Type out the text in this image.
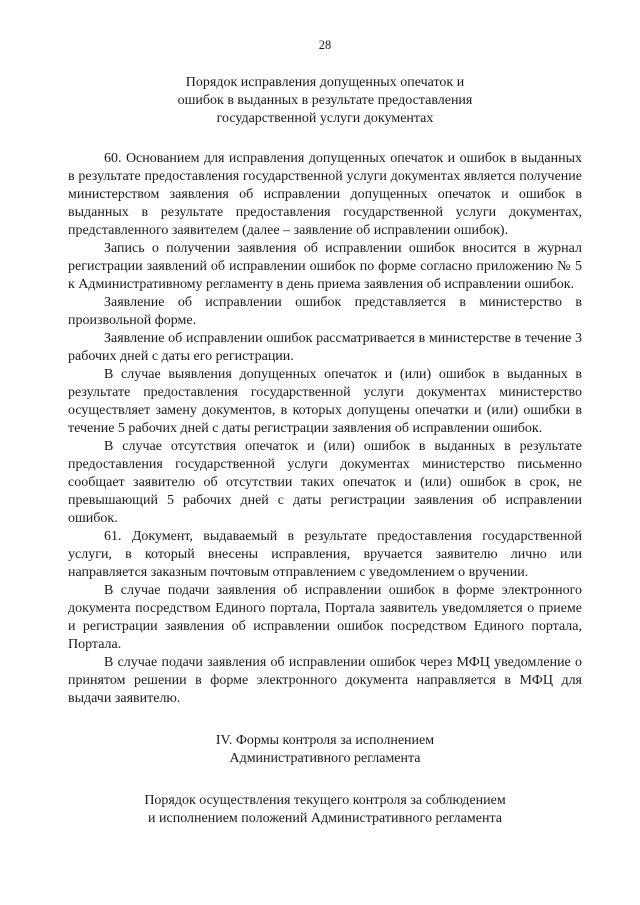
28
Порядок исправления допущенных опечаток и
ошибок в выданных в результате предоставления
государственной услуги документах

60. Основанием для исправления допущенных опечаток и ошибок в выданных в результате предоставления государственной услуги документах является получение министерством заявления об исправлении допущенных опечаток и ошибок в выданных в результате предоставления государственной услуги документах, представленного заявителем (далее – заявление об исправлении ошибок).

Запись о получении заявления об исправлении ошибок вносится в журнал регистрации заявлений об исправлении ошибок по форме согласно приложению № 5 к Административному регламенту в день приема заявления об исправлении ошибок.

Заявление об исправлении ошибок представляется в министерство в произвольной форме.

Заявление об исправлении ошибок рассматривается в министерстве в течение 3 рабочих дней с даты его регистрации.

В случае выявления допущенных опечаток и (или) ошибок в выданных в результате предоставления государственной услуги документах министерство осуществляет замену документов, в которых допущены опечатки и (или) ошибки в течение 5 рабочих дней с даты регистрации заявления об исправлении ошибок.

В случае отсутствия опечаток и (или) ошибок в выданных в результате предоставления государственной услуги документах министерство письменно сообщает заявителю об отсутствии таких опечаток и (или) ошибок в срок, не превышающий 5 рабочих дней с даты регистрации заявления об исправлении ошибок.

61. Документ, выдаваемый в результате предоставления государственной услуги, в который внесены исправления, вручается заявителю лично или направляется заказным почтовым отправлением с уведомлением о вручении.

В случае подачи заявления об исправлении ошибок в форме электронного документа посредством Единого портала, Портала заявитель уведомляется о приеме и регистрации заявления об исправлении ошибок посредством Единого портала, Портала.

В случае подачи заявления об исправлении ошибок через МФЦ уведомление о принятом решении в форме электронного документа направляется в МФЦ для выдачи заявителю.

IV. Формы контроля за исполнением
Административного регламента
Порядок осуществления текущего контроля за соблюдением
и исполнением положений Административного регламента
